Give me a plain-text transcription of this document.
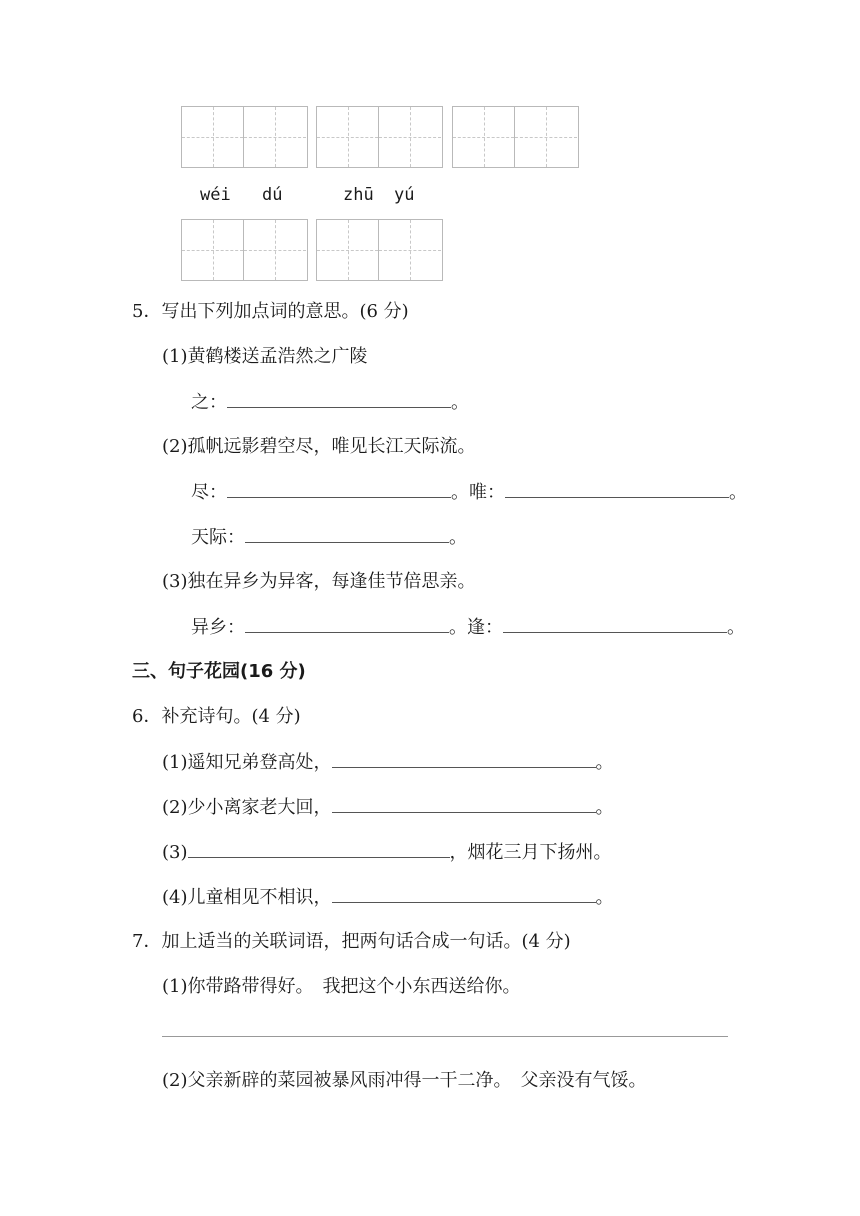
wéi dú	zhū yú
5．写出下列加点词的意思。(6 分)
(1)黄鹤楼送孟浩然之广陵
之：	。
(2)孤帆远影碧空尽，唯见长江天际流。
尽：	。唯：	。
天际：	。
(3)独在异乡为异客，每逢佳节倍思亲。
异乡：	。逢：	。
三、句子花园(16 分)
6．补充诗句。(4 分)
(1)遥知兄弟登高处，	。
(2)少小离家老大回，	。
(3)	，烟花三月下扬州。
(4)儿童相见不相识，	。
7．加上适当的关联词语，把两句话合成一句话。(4 分)
(1)你带路带得好。　我把这个小东西送给你。
(2)父亲新辟的菜园被暴风雨冲得一干二净。　父亲没有气馁。
